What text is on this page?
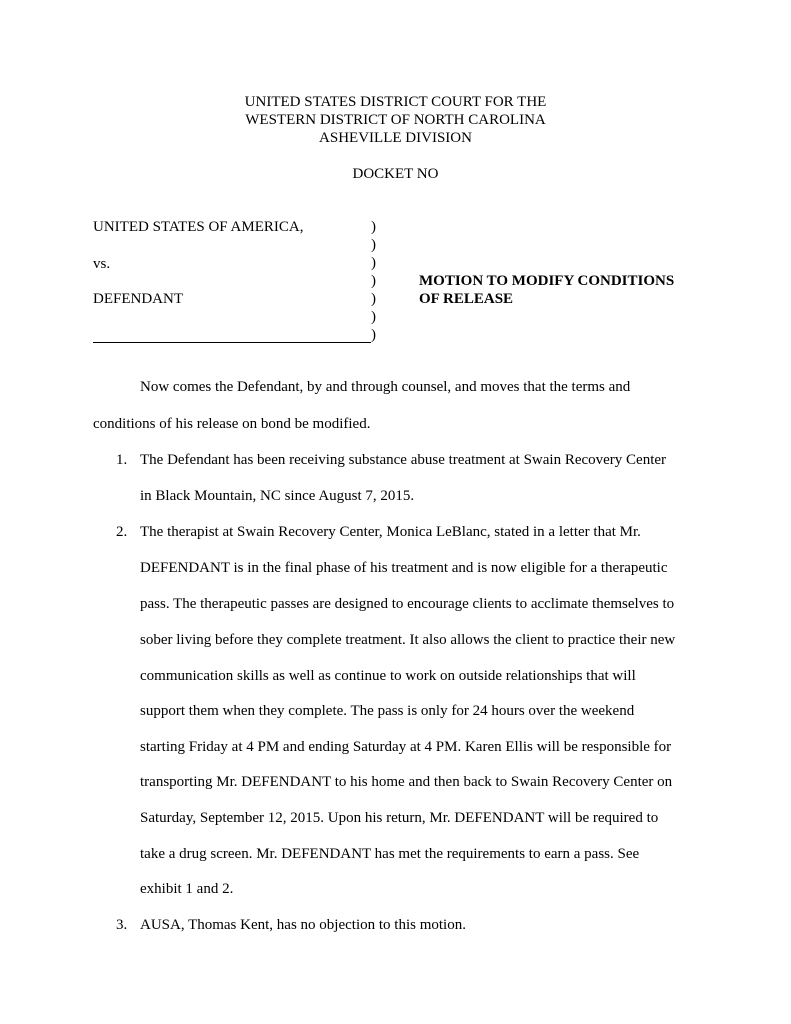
UNITED STATES DISTRICT COURT FOR THE
WESTERN DISTRICT OF NORTH CAROLINA
ASHEVILLE DIVISION
DOCKET NO
UNITED STATES OF AMERICA,
vs.
DEFENDANT
)
)
)
)
)
)
)
MOTION TO MODIFY CONDITIONS
OF RELEASE
Now comes the Defendant, by and through counsel, and moves that the terms and
conditions of his release on bond be modified.
1. The Defendant has been receiving substance abuse treatment at Swain Recovery Center
in Black Mountain, NC since August 7, 2015.
2. The therapist at Swain Recovery Center, Monica LeBlanc, stated in a letter that Mr.
DEFENDANT is in the final phase of his treatment and is now eligible for a therapeutic
pass. The therapeutic passes are designed to encourage clients to acclimate themselves to
sober living before they complete treatment. It also allows the client to practice their new
communication skills as well as continue to work on outside relationships that will
support them when they complete. The pass is only for 24 hours over the weekend
starting Friday at 4 PM and ending Saturday at 4 PM. Karen Ellis will be responsible for
transporting Mr. DEFENDANT to his home and then back to Swain Recovery Center on
Saturday, September 12, 2015. Upon his return, Mr. DEFENDANT will be required to
take a drug screen. Mr. DEFENDANT has met the requirements to earn a pass. See
exhibit 1 and 2.
3. AUSA, Thomas Kent, has no objection to this motion.
